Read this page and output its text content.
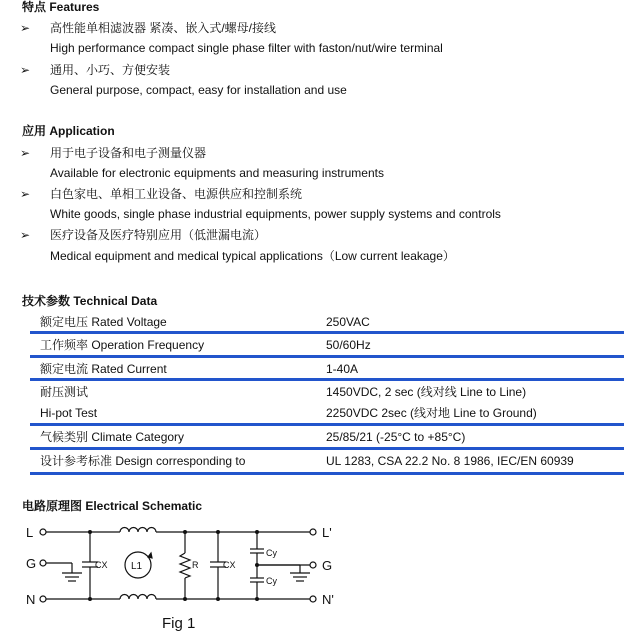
特点 Features
➢ 高性能单相滤波器 紧凑、嵌入式/螺母/接线
High performance compact single phase filter with faston/nut/wire terminal
➢ 通用、小巧、方便安装
General purpose, compact, easy for installation and use
应用 Application
➢ 用于电子设备和电子测量仪器
Available for electronic equipments and measuring instruments
➢ 白色家电、单相工业设备、电源供应和控制系统
White goods, single phase industrial equipments, power supply systems and controls
➢ 医疗设备及医疗特别应用（低泄漏电流）
Medical equipment and medical typical applications（Low current leakage）
技术参数 Technical Data
额定电压 Rated Voltage	250VAC
工作频率 Operation Frequency	50/60Hz
额定电流 Rated Current	1-40A
耐压测试	1450VDC, 2 sec (线对线 Line to Line)
Hi-pot Test	2250VDC 2sec (线对地 Line to Ground)
气候类别 Climate Category	25/85/21 (-25°C to +85°C)
设计参考标准 Design corresponding to	UL 1283, CSA 22.2 No. 8 1986, IEC/EN 60939
电路原理图 Electrical Schematic
L
G
N
L'
G
N'
CX L1	R	CX
Cy
Cy
Fig 1
